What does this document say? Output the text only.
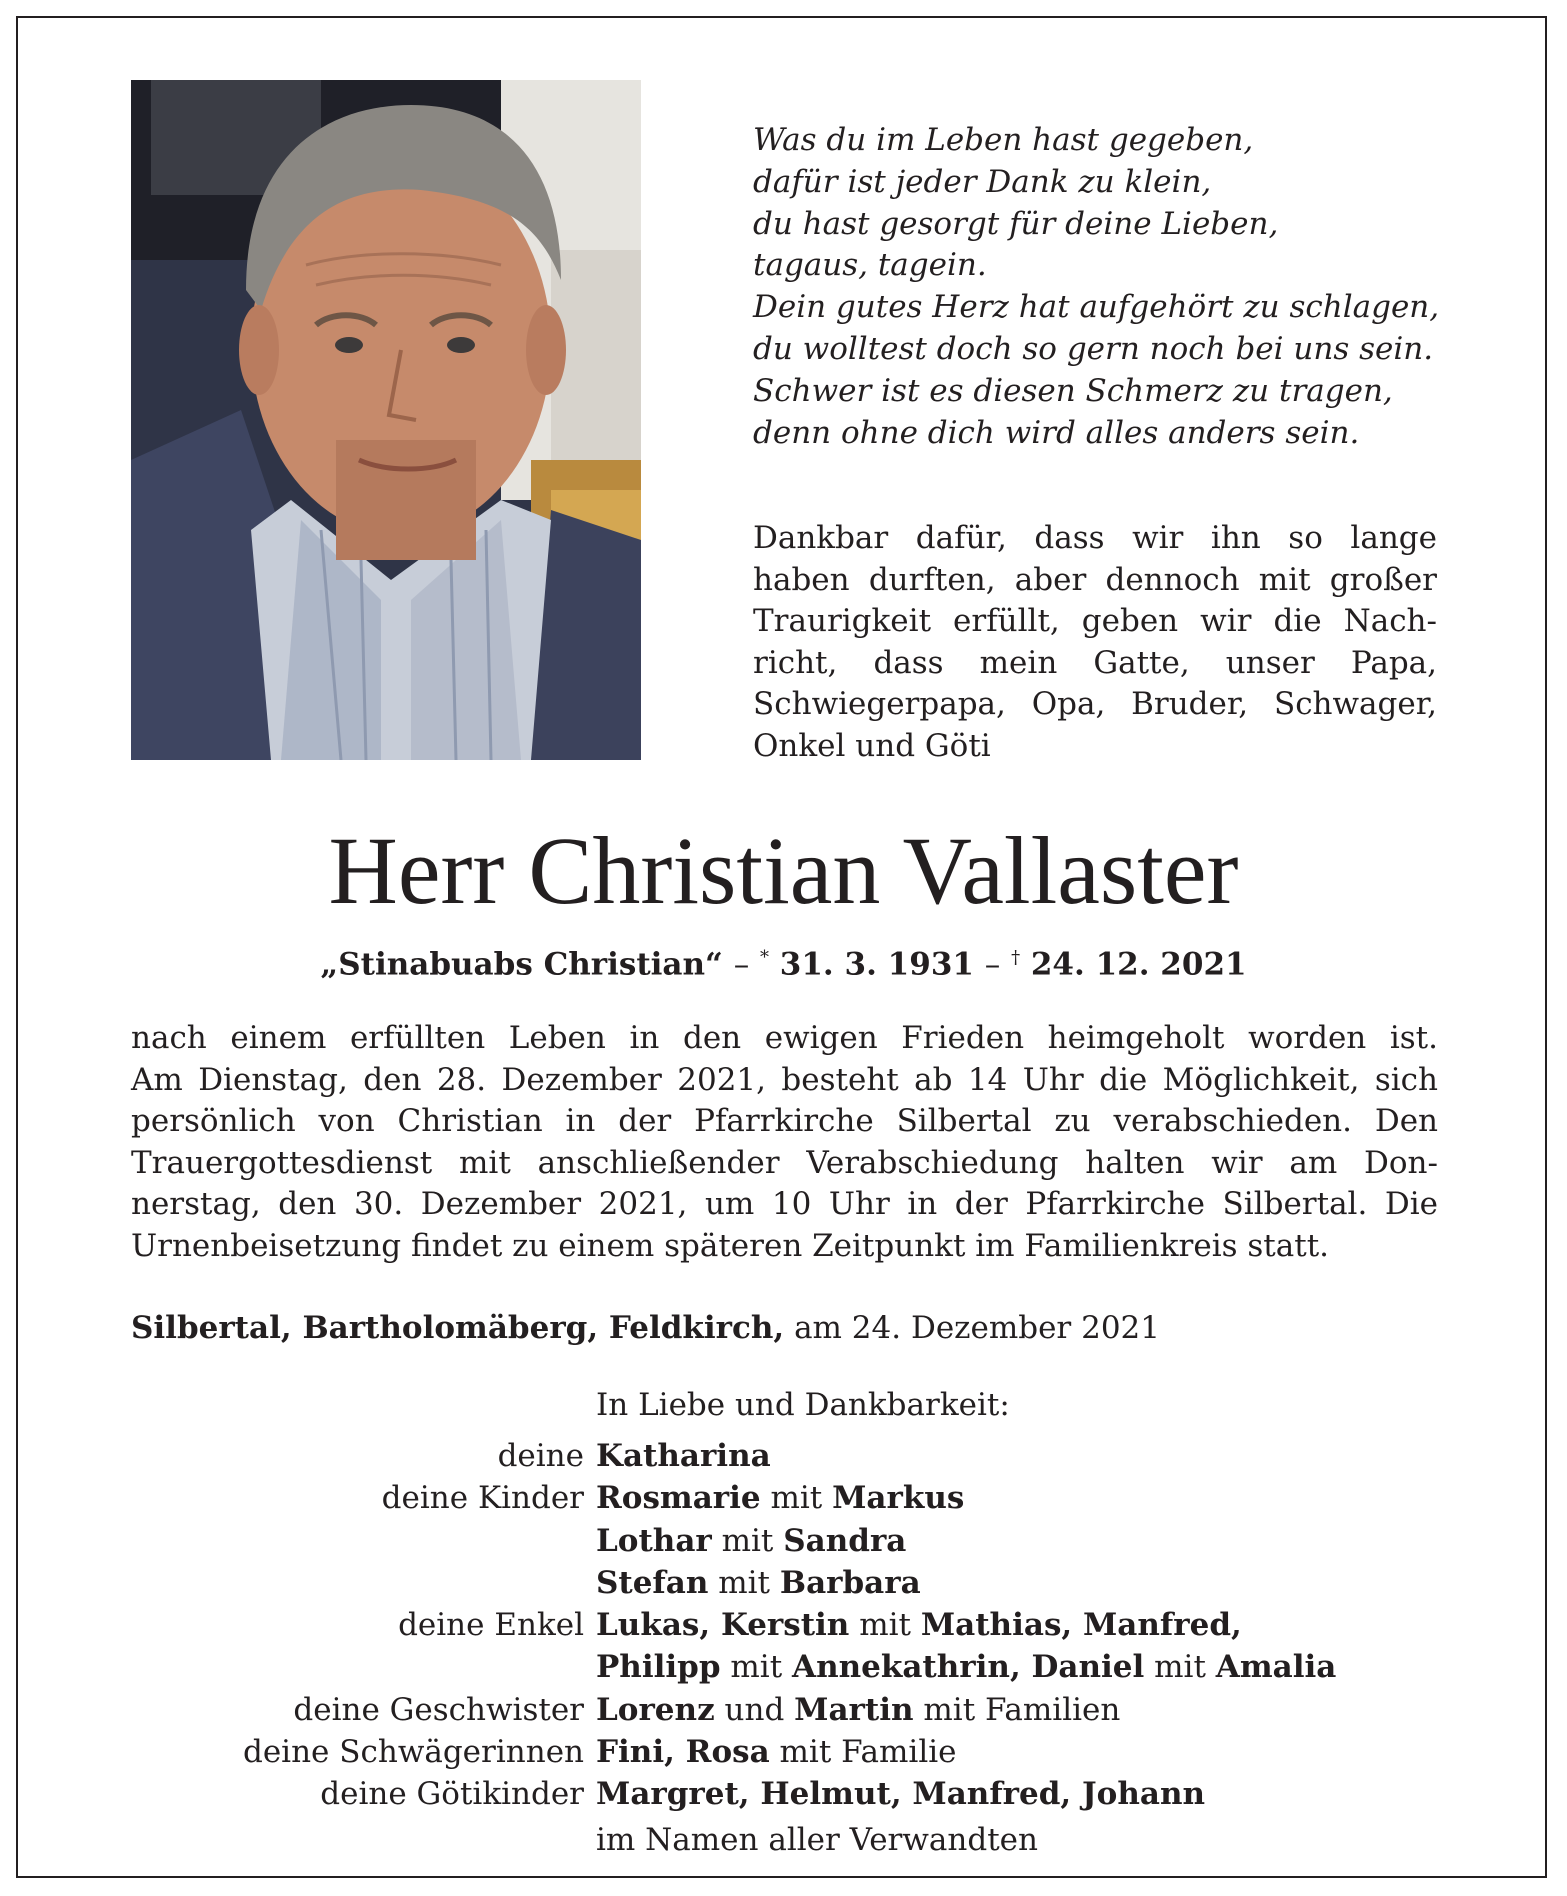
Was du im Leben hast gegeben,
dafür ist jeder Dank zu klein,
du hast gesorgt für deine Lieben,
tagaus, tagein.
Dein gutes Herz hat aufgehört zu schlagen,
du wolltest doch so gern noch bei uns sein.
Schwer ist es diesen Schmerz zu tragen,
denn ohne dich wird alles anders sein.
Dankbar dafür, dass wir ihn so lange
haben durften, aber dennoch mit großer
Traurigkeit erfüllt, geben wir die Nach-
richt, dass mein Gatte, unser Papa,
Schwiegerpapa, Opa, Bruder, Schwager,
Onkel und Göti
Herr Christian Vallaster
„Stinabuabs Christian“ – * 31. 3. 1931 – † 24. 12. 2021
nach einem erfüllten Leben in den ewigen Frieden heimgeholt worden ist.
Am Dienstag, den 28. Dezember 2021, besteht ab 14 Uhr die Möglichkeit, sich
persönlich von Christian in der Pfarrkirche Silbertal zu verabschieden. Den
Trauergottesdienst mit anschließender Verabschiedung halten wir am Don-
nerstag, den 30. Dezember 2021, um 10 Uhr in der Pfarrkirche Silbertal. Die
Urnenbeisetzung findet zu einem späteren Zeitpunkt im Familienkreis statt.
Silbertal, Bartholomäberg, Feldkirch, am 24. Dezember 2021
In Liebe und Dankbarkeit:
deine Katharina
deine Kinder Rosmarie mit Markus
Lothar mit Sandra
Stefan mit Barbara
deine Enkel Lukas, Kerstin mit Mathias, Manfred,
Philipp mit Annekathrin, Daniel mit Amalia
deine Geschwister Lorenz und Martin mit Familien
deine Schwägerinnen Fini, Rosa mit Familie
deine Götikinder Margret, Helmut, Manfred, Johann
im Namen aller Verwandten
